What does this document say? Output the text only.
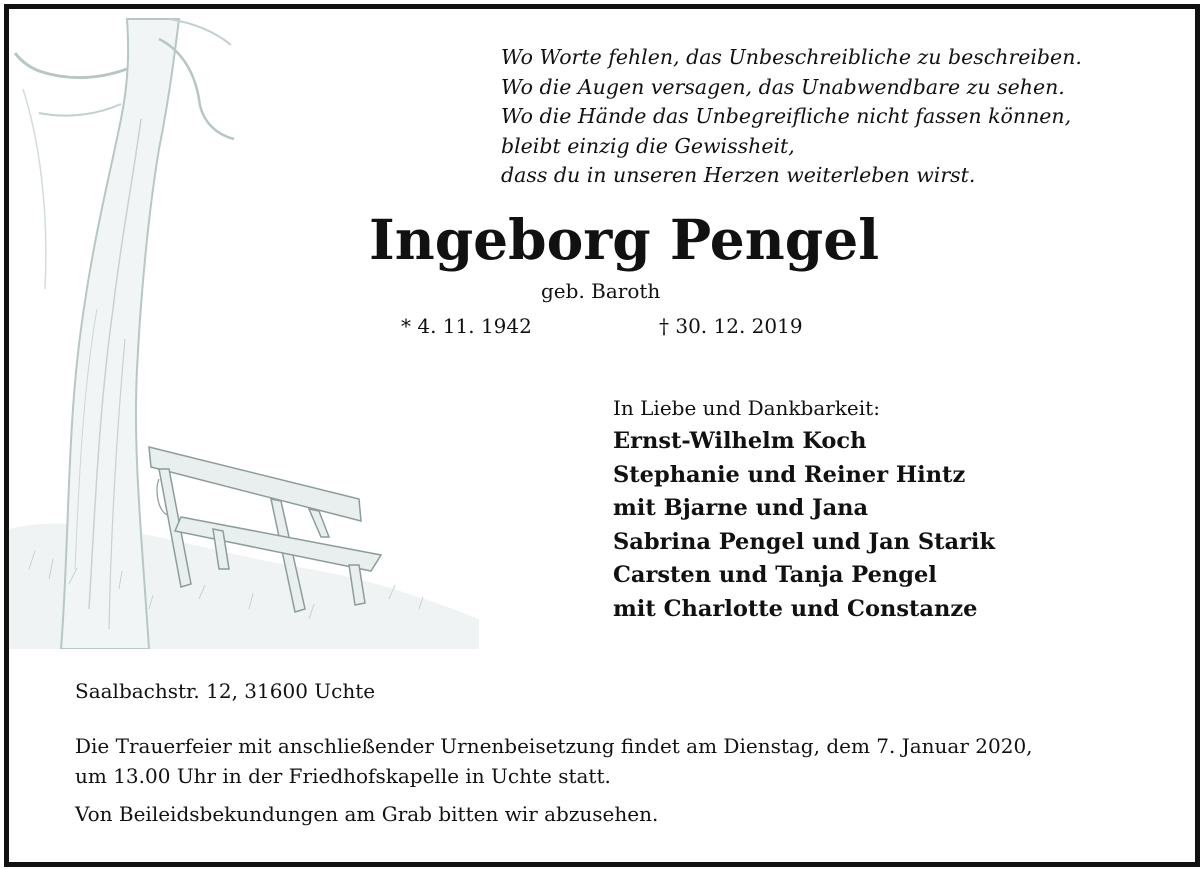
Wo Worte fehlen, das Unbeschreibliche zu beschreiben.
Wo die Augen versagen, das Unabwendbare zu sehen.
Wo die Hände das Unbegreifliche nicht fassen können,
bleibt einzig die Gewissheit,
dass du in unseren Herzen weiterleben wirst.
Ingeborg Pengel
geb. Baroth
* 4. 11. 1942	† 30. 12. 2019
In Liebe und Dankbarkeit:
Ernst-Wilhelm Koch
Stephanie und Reiner Hintz
mit Bjarne und Jana
Sabrina Pengel und Jan Starik
Carsten und Tanja Pengel
mit Charlotte und Constanze
Saalbachstr. 12, 31600 Uchte
Die Trauerfeier mit anschließender Urnenbeisetzung findet am Dienstag, dem 7. Januar 2020,
um 13.00 Uhr in der Friedhofskapelle in Uchte statt.
Von Beileidsbekundungen am Grab bitten wir abzusehen.
